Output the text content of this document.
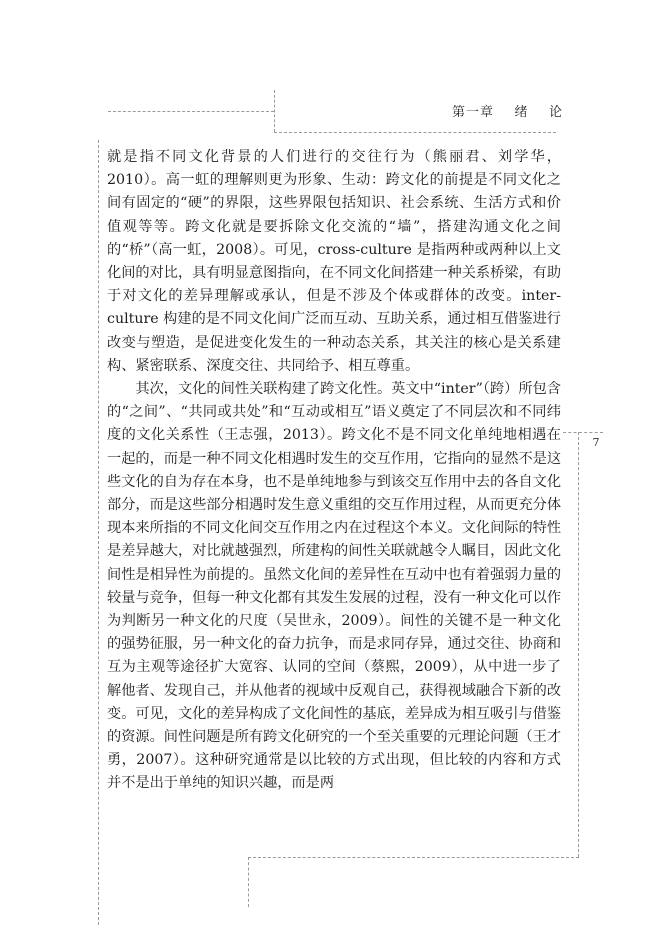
第一章    绪    论
7

就是指不同文化背景的人们进行的交往行为（熊丽君、刘学华，2010）。高一虹的理解则更为形象、生动：跨文化的前提是不同文化之间有固定的“硬”的界限，这些界限包括知识、社会系统、生活方式和价值观等等。跨文化就是要拆除文化交流的“墙”，搭建沟通文化之间的“桥”（高一虹，2008）。可见，cross-culture 是指两种或两种以上文化间的对比，具有明显意图指向，在不同文化间搭建一种关系桥梁，有助于对文化的差异理解或承认，但是不涉及个体或群体的改变。inter-culture 构建的是不同文化间广泛而互动、互助关系，通过相互借鉴进行改变与塑造，是促进变化发生的一种动态关系，其关注的核心是关系建构、紧密联系、深度交往、共同给予、相互尊重。

其次，文化的间性关联构建了跨文化性。英文中“inter”（跨）所包含的“之间”、“共同或共处”和“互动或相互”语义奠定了不同层次和不同纬度的文化关系性（王志强，2013）。跨文化不是不同文化单纯地相遇在一起的，而是一种不同文化相遇时发生的交互作用，它指向的显然不是这些文化的自为存在本身，也不是单纯地参与到该交互作用中去的各自文化部分，而是这些部分相遇时发生意义重组的交互作用过程，从而更充分体现本来所指的不同文化间交互作用之内在过程这个本义。文化间际的特性是差异越大，对比就越强烈，所建构的间性关联就越令人瞩目，因此文化间性是相异性为前提的。虽然文化间的差异性在互动中也有着强弱力量的较量与竞争，但每一种文化都有其发生发展的过程，没有一种文化可以作为判断另一种文化的尺度（吴世永，2009）。间性的关键不是一种文化的强势征服，另一种文化的奋力抗争，而是求同存异，通过交往、协商和互为主观等途径扩大宽容、认同的空间（蔡熙，2009），从中进一步了解他者、发现自己，并从他者的视域中反观自己，获得视域融合下新的改变。可见，文化的差异构成了文化间性的基底，差异成为相互吸引与借鉴的资源。间性问题是所有跨文化研究的一个至关重要的元理论问题（王才勇，2007）。这种研究通常是以比较的方式出现，但比较的内容和方式并不是出于单纯的知识兴趣，而是两
